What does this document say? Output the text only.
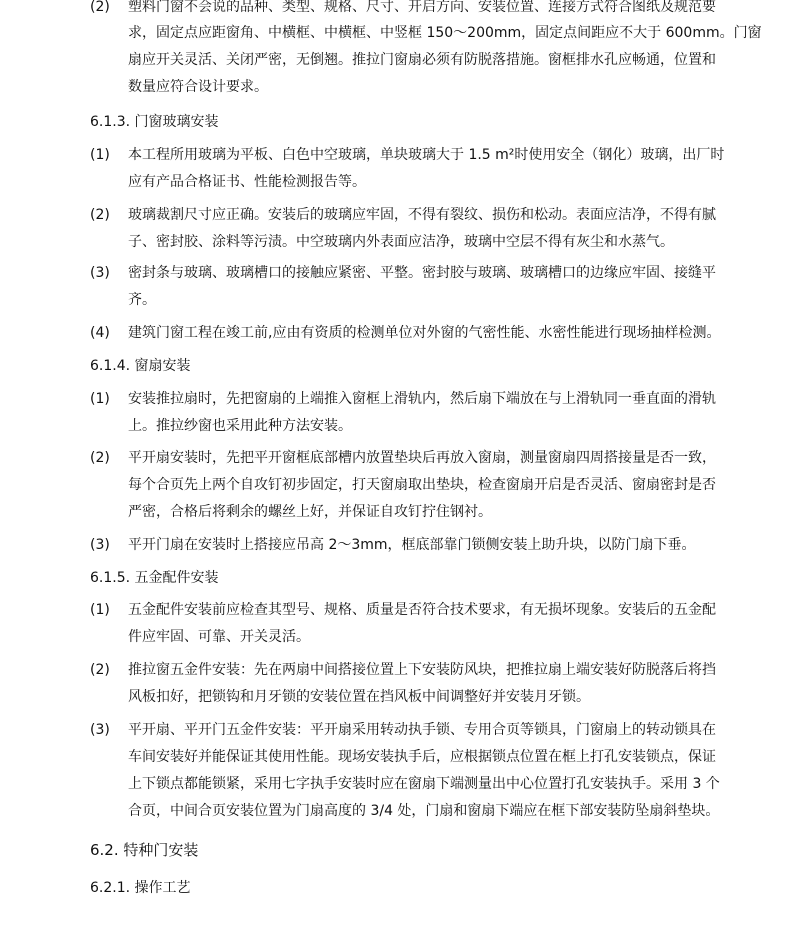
(2)	塑料门窗不会说的品种、类型、规格、尺寸、开启方向、安装位置、连接方式符合图纸及规范要
求，固定点应距窗角、中横框、中横框、中竖框 150～200mm，固定点间距应不大于 600mm。门窗
扇应开关灵活、关闭严密，无倒翘。推拉门窗扇必须有防脱落措施。窗框排水孔应畅通，位置和
数量应符合设计要求。
6.1.3. 门窗玻璃安装
(1)	本工程所用玻璃为平板、白色中空玻璃，单块玻璃大于 1.5 m²时使用安全（钢化）玻璃，出厂时
应有产品合格证书、性能检测报告等。
(2)	玻璃裁割尺寸应正确。安装后的玻璃应牢固，不得有裂纹、损伤和松动。表面应洁净，不得有腻
子、密封胶、涂料等污渍。中空玻璃内外表面应洁净，玻璃中空层不得有灰尘和水蒸气。
(3)	密封条与玻璃、玻璃槽口的接触应紧密、平整。密封胶与玻璃、玻璃槽口的边缘应牢固、接缝平
齐。
(4)	建筑门窗工程在竣工前,应由有资质的检测单位对外窗的气密性能、水密性能进行现场抽样检测。
6.1.4. 窗扇安装
(1)	安装推拉扇时，先把窗扇的上端推入窗框上滑轨内，然后扇下端放在与上滑轨同一垂直面的滑轨
上。推拉纱窗也采用此种方法安装。
(2)	平开扇安装时，先把平开窗框底部槽内放置垫块后再放入窗扇，测量窗扇四周搭接量是否一致，
每个合页先上两个自攻钉初步固定，打天窗扇取出垫块，检查窗扇开启是否灵活、窗扇密封是否
严密，合格后将剩余的螺丝上好，并保证自攻钉拧住钢衬。
(3)	平开门扇在安装时上搭接应吊高 2～3mm，框底部靠门锁侧安装上助升块，以防门扇下垂。
6.1.5. 五金配件安装
(1)	五金配件安装前应检查其型号、规格、质量是否符合技术要求，有无损坏现象。安装后的五金配
件应牢固、可靠、开关灵活。
(2)	推拉窗五金件安装：先在两扇中间搭接位置上下安装防风块，把推拉扇上端安装好防脱落后将挡
风板扣好，把锁钩和月牙锁的安装位置在挡风板中间调整好并安装月牙锁。
(3)	平开扇、平开门五金件安装：平开扇采用转动执手锁、专用合页等锁具，门窗扇上的转动锁具在
车间安装好并能保证其使用性能。现场安装执手后，应根据锁点位置在框上打孔安装锁点，保证
上下锁点都能锁紧，采用七字执手安装时应在窗扇下端测量出中心位置打孔安装执手。采用 3 个
合页，中间合页安装位置为门扇高度的 3/4 处，门扇和窗扇下端应在框下部安装防坠扇斜垫块。
6.2. 特种门安装
6.2.1. 操作工艺
